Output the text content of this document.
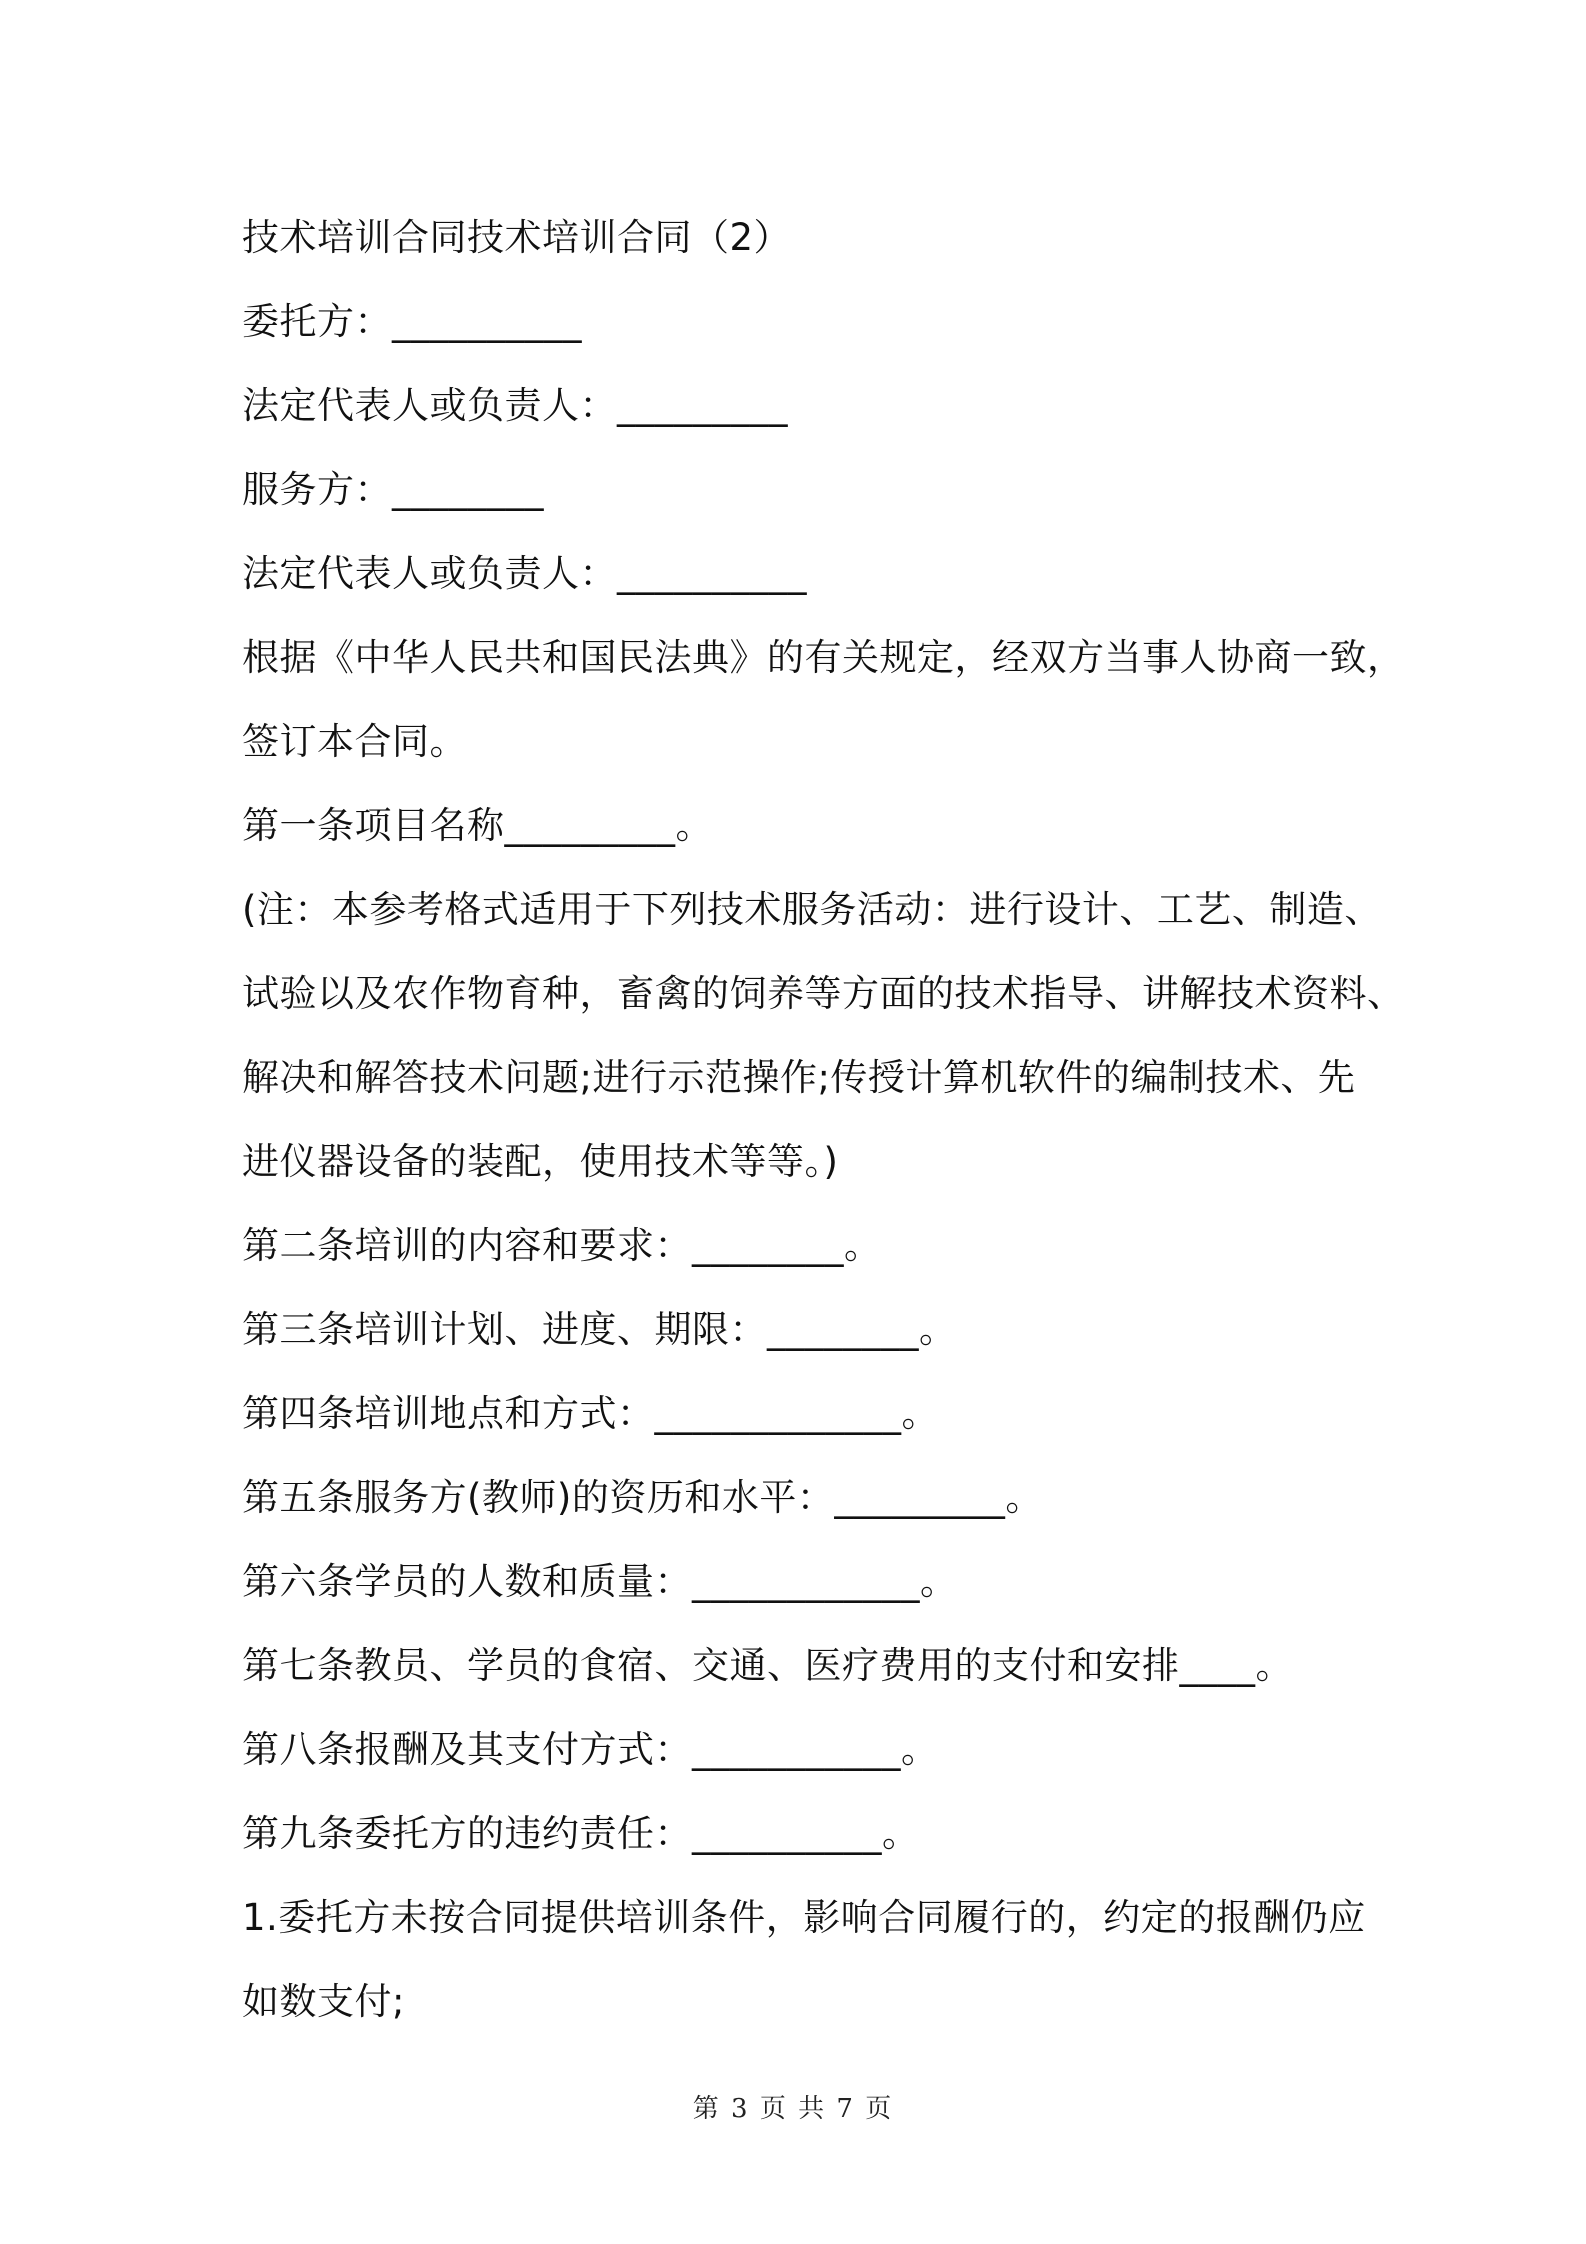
技术培训合同技术培训合同（2）
委托方：__________
法定代表人或负责人：_________
服务方：________
法定代表人或负责人：__________
根据《中华人民共和国民法典》的有关规定，经双方当事人协商一致，
签订本合同。
第一条项目名称_________。
(注：本参考格式适用于下列技术服务活动：进行设计、工艺、制造、
试验以及农作物育种，畜禽的饲养等方面的技术指导、讲解技术资料、
解决和解答技术问题;进行示范操作;传授计算机软件的编制技术、先
进仪器设备的装配，使用技术等等。)
第二条培训的内容和要求：________。
第三条培训计划、进度、期限：________。
第四条培训地点和方式：_____________。
第五条服务方(教师)的资历和水平：_________。
第六条学员的人数和质量：____________。
第七条教员、学员的食宿、交通、医疗费用的支付和安排____。
第八条报酬及其支付方式：___________。
第九条委托方的违约责任：__________。
1.委托方未按合同提供培训条件，影响合同履行的，约定的报酬仍应
如数支付;
第 3 页 共 7 页
